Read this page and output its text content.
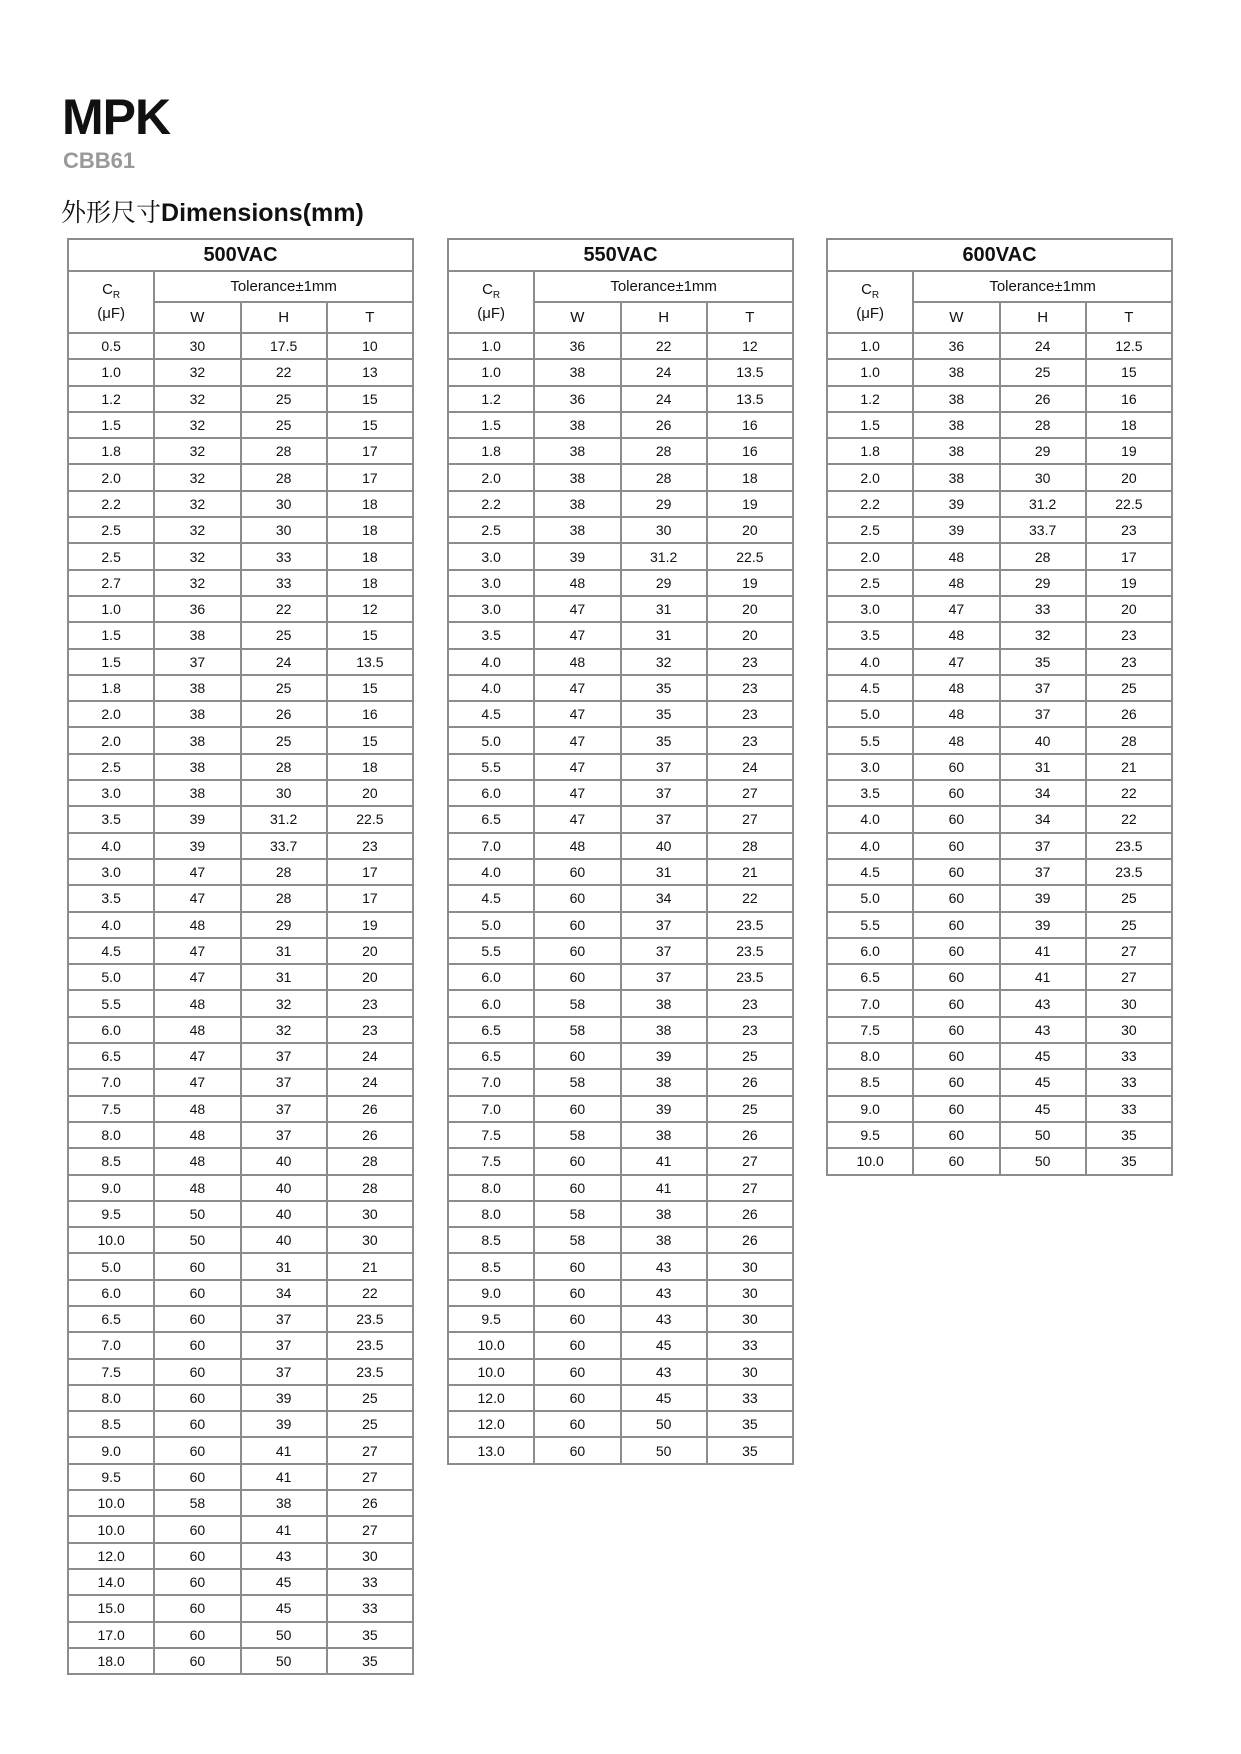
MPK
CBB61
外形尺寸Dimensions(mm)
500VAC			
$C_R$
(μF)	Tolerance±1mm		
	W	H	T
0.5	30	17.5	10
1.0	32	22	13
1.2	32	25	15
1.5	32	25	15
1.8	32	28	17
2.0	32	28	17
2.2	32	30	18
2.5	32	30	18
2.5	32	33	18
2.7	32	33	18
1.0	36	22	12
1.5	38	25	15
1.5	37	24	13.5
1.8	38	25	15
2.0	38	26	16
2.0	38	25	15
2.5	38	28	18
3.0	38	30	20
3.5	39	31.2	22.5
4.0	39	33.7	23
3.0	47	28	17
3.5	47	28	17
4.0	48	29	19
4.5	47	31	20
5.0	47	31	20
5.5	48	32	23
6.0	48	32	23
6.5	47	37	24
7.0	47	37	24
7.5	48	37	26
8.0	48	37	26
8.5	48	40	28
9.0	48	40	28
9.5	50	40	30
10.0	50	40	30
5.0	60	31	21
6.0	60	34	22
6.5	60	37	23.5
7.0	60	37	23.5
7.5	60	37	23.5
8.0	60	39	25
8.5	60	39	25
9.0	60	41	27
9.5	60	41	27
10.0	58	38	26
10.0	60	41	27
12.0	60	43	30
14.0	60	45	33
15.0	60	45	33
17.0	60	50	35
18.0	60	50	35
550VAC			
$C_R$
(μF)	Tolerance±1mm		
	W	H	T
1.0	36	22	12
1.0	38	24	13.5
1.2	36	24	13.5
1.5	38	26	16
1.8	38	28	16
2.0	38	28	18
2.2	38	29	19
2.5	38	30	20
3.0	39	31.2	22.5
3.0	48	29	19
3.0	47	31	20
3.5	47	31	20
4.0	48	32	23
4.0	47	35	23
4.5	47	35	23
5.0	47	35	23
5.5	47	37	24
6.0	47	37	27
6.5	47	37	27
7.0	48	40	28
4.0	60	31	21
4.5	60	34	22
5.0	60	37	23.5
5.5	60	37	23.5
6.0	60	37	23.5
6.0	58	38	23
6.5	58	38	23
6.5	60	39	25
7.0	58	38	26
7.0	60	39	25
7.5	58	38	26
7.5	60	41	27
8.0	60	41	27
8.0	58	38	26
8.5	58	38	26
8.5	60	43	30
9.0	60	43	30
9.5	60	43	30
10.0	60	45	33
10.0	60	43	30
12.0	60	45	33
12.0	60	50	35
13.0	60	50	35
600VAC			
$C_R$
(μF)	Tolerance±1mm		
	W	H	T
1.0	36	24	12.5
1.0	38	25	15
1.2	38	26	16
1.5	38	28	18
1.8	38	29	19
2.0	38	30	20
2.2	39	31.2	22.5
2.5	39	33.7	23
2.0	48	28	17
2.5	48	29	19
3.0	47	33	20
3.5	48	32	23
4.0	47	35	23
4.5	48	37	25
5.0	48	37	26
5.5	48	40	28
3.0	60	31	21
3.5	60	34	22
4.0	60	34	22
4.0	60	37	23.5
4.5	60	37	23.5
5.0	60	39	25
5.5	60	39	25
6.0	60	41	27
6.5	60	41	27
7.0	60	43	30
7.5	60	43	30
8.0	60	45	33
8.5	60	45	33
9.0	60	45	33
9.5	60	50	35
10.0	60	50	35
